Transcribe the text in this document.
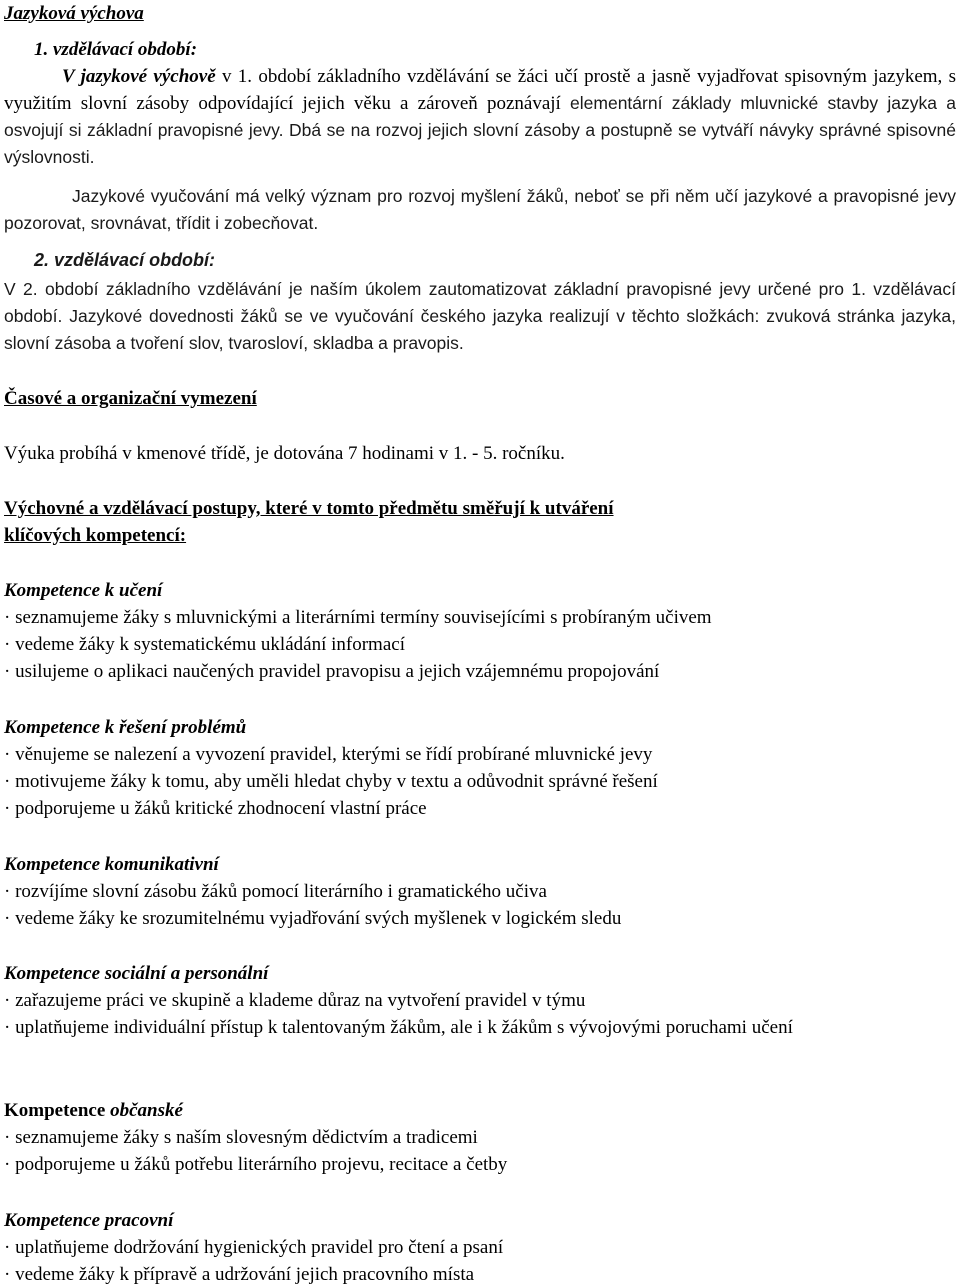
Jazyková výchova

1. vzdělávací období:

V jazykové výchově v 1. období základního vzdělávání se žáci učí prostě a jasně vyjadřovat spisovným jazykem, s využitím slovní zásoby odpovídající jejich věku a zároveň poznávají elementární základy mluvnické stavby jazyka a osvojují si základní pravopisné jevy. Dbá se na rozvoj jejich slovní zásoby a postupně se vytváří návyky správné spisovné výslovnosti.

Jazykové vyučování má velký význam pro rozvoj myšlení žáků, neboť se při něm učí jazykové a pravopisné jevy pozorovat, srovnávat, třídit i zobecňovat.

2. vzdělávací období:

V 2. období základního vzdělávání je naším úkolem zautomatizovat základní pravopisné jevy určené pro 1. vzdělávací období. Jazykové dovednosti žáků se ve vyučování českého jazyka realizují v těchto složkách: zvuková stránka jazyka, slovní zásoba a tvoření slov, tvarosloví, skladba a pravopis.

Časové a organizační vymezení

Výuka probíhá v kmenové třídě, je dotována 7 hodinami v 1. - 5. ročníku.

Výchovné a vzdělávací postupy, které v tomto předmětu směřují k utváření

klíčových kompetencí:

Kompetence k učení

· seznamujeme žáky s mluvnickými a literárními termíny souvisejícími s probíraným učivem

· vedeme žáky k systematickému ukládání informací

· usilujeme o aplikaci naučených pravidel pravopisu a jejich vzájemnému propojování

Kompetence k řešení problémů

· věnujeme se nalezení a vyvození pravidel, kterými se řídí probírané mluvnické jevy

· motivujeme žáky k tomu, aby uměli hledat chyby v textu a odůvodnit správné řešení

· podporujeme u žáků kritické zhodnocení vlastní práce

Kompetence komunikativní

· rozvíjíme slovní zásobu žáků pomocí literárního i gramatického učiva

· vedeme žáky ke srozumitelnému vyjadřování svých myšlenek v logickém sledu

Kompetence sociální a personální

· zařazujeme práci ve skupině a klademe důraz na vytvoření pravidel v týmu

· uplatňujeme individuální přístup k talentovaným žákům, ale i k žákům s vývojovými poruchami učení

Kompetence občanské

· seznamujeme žáky s naším slovesným dědictvím a tradicemi

· podporujeme u žáků potřebu literárního projevu, recitace a četby

Kompetence pracovní

· uplatňujeme dodržování hygienických pravidel pro čtení a psaní

· vedeme žáky k přípravě a udržování jejich pracovního místa
